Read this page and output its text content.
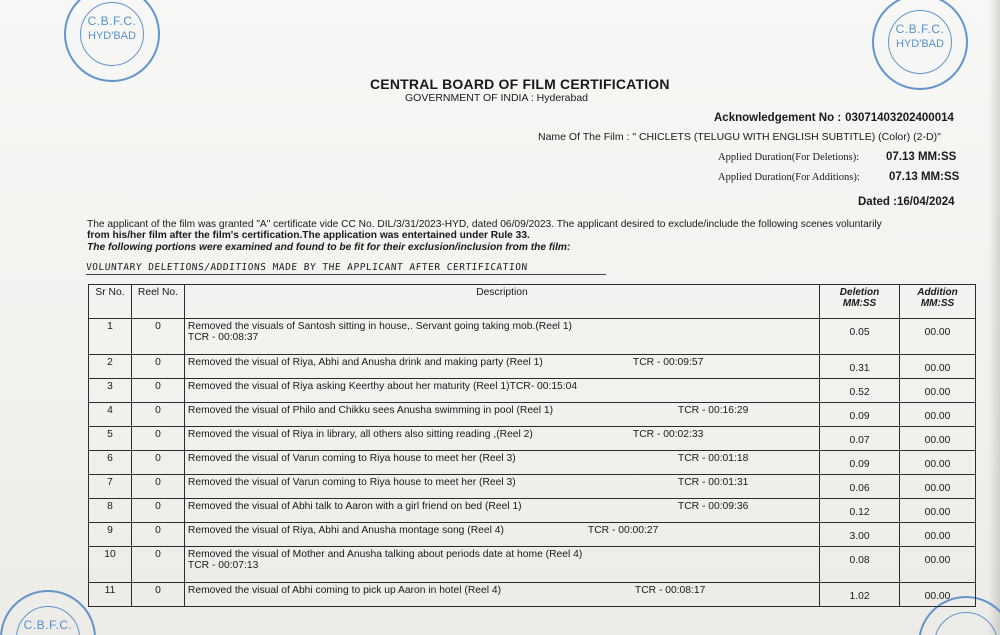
C.B.F.C.
HYD'BAD	C.B.F.C.
HYD'BAD
C.B.F.C.
CENTRAL BOARD OF FILM CERTIFICATION
GOVERNMENT OF INDIA : Hyderabad
Acknowledgement No : 03071403202400014
Name Of The Film : " CHICLETS (TELUGU WITH ENGLISH SUBTITLE) (Color) (2-D)"
Applied Duration(For Deletions): 07.13 MM:SS
Applied Duration(For Additions):	07.13 MM:SS
Dated :16/04/2024
The applicant of the film was granted "A" certificate vide CC No. DIL/3/31/2023-HYD, dated 06/09/2023. The applicant desired to exclude/include the following scenes voluntarily
from his/her film after the film's certification.The application was entertained under Rule 33.
The following portions were examined and found to be fit for their exclusion/inclusion from the film:
VOLUNTARY DELETIONS/ADDITIONS MADE BY THE APPLICANT AFTER CERTIFICATION
Sr No.	Reel No.	Description	Deletion MM:SS	Addition MM:SS
1	0	Removed the visuals of Santosh sitting in house,. Servant going taking mob.(Reel 1)
TCR - 00:08:37	0.05	00.00
2	0	Removed the visual of Riya, Abhi and Anusha drink and making party (Reel 1) TCR - 00:09:57	0.31	00.00
3	0	Removed the visual of Riya asking Keerthy about her maturity (Reel 1)TCR- 00:15:04	0.52	00.00
4	0	Removed the visual of Philo and Chikku sees Anusha swimming in pool (Reel 1) TCR - 00:16:29	0.09	00.00
5	0	Removed the visual of Riya in library, all others also sitting reading ,(Reel 2) TCR - 00:02:33	0.07	00.00
6	0	Removed the visual of Varun coming to Riya house to meet her (Reel 3) TCR - 00:01:18	0.09	00.00
7	0	Removed the visual of Varun coming to Riya house to meet her (Reel 3) TCR - 00:01:31	0.06	00.00
8	0	Removed the visual of Abhi talk to Aaron with a girl friend on bed (Reel 1) TCR - 00:09:36	0.12	00.00
9	0	Removed the visual of Riya, Abhi and Anusha montage song (Reel 4) TCR - 00:00:27	3.00	00.00
10	0	Removed the visual of Mother and Anusha talking about periods date at home (Reel 4)
TCR - 00:07:13	0.08	00.00
11	0	Removed the visual of Abhi coming to pick up Aaron in hotel (Reel 4) TCR - 00:08:17	1.02	00.00
